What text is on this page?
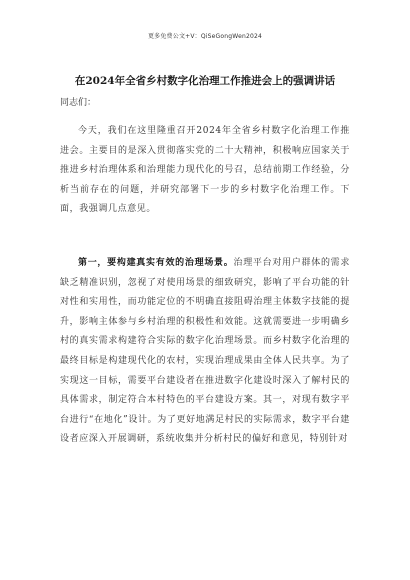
更多免费公文+V：QiSeGongWen2024
在2024年全省乡村数字化治理工作推进会上的强调讲话
同志们：

今天，我们在这里隆重召开2024年全省乡村数字化治理工作推进会。主要目的是深入贯彻落实党的二十大精神，积极响应国家关于推进乡村治理体系和治理能力现代化的号召，总结前期工作经验，分析当前存在的问题，并研究部署下一步的乡村数字化治理工作。下面，我强调几点意见。

第一，要构建真实有效的治理场景。治理平台对用户群体的需求缺乏精准识别，忽视了对使用场景的细致研究，影响了平台功能的针对性和实用性，而功能定位的不明确直接阻碍治理主体数字技能的提升，影响主体参与乡村治理的积极性和效能。这就需要进一步明确乡村的真实需求构建符合实际的数字化治理场景。而乡村数字化治理的最终目标是构建现代化的农村，实现治理成果由全体人民共享。为了实现这一目标，需要平台建设者在推进数字化建设时深入了解村民的具体需求，制定符合本村特色的平台建设方案。其一，对现有数字平台进行“在地化”设计。为了更好地满足村民的实际需求，数字平台建设者应深入开展调研，系统收集并分析村民的偏好和意见，特别针对
